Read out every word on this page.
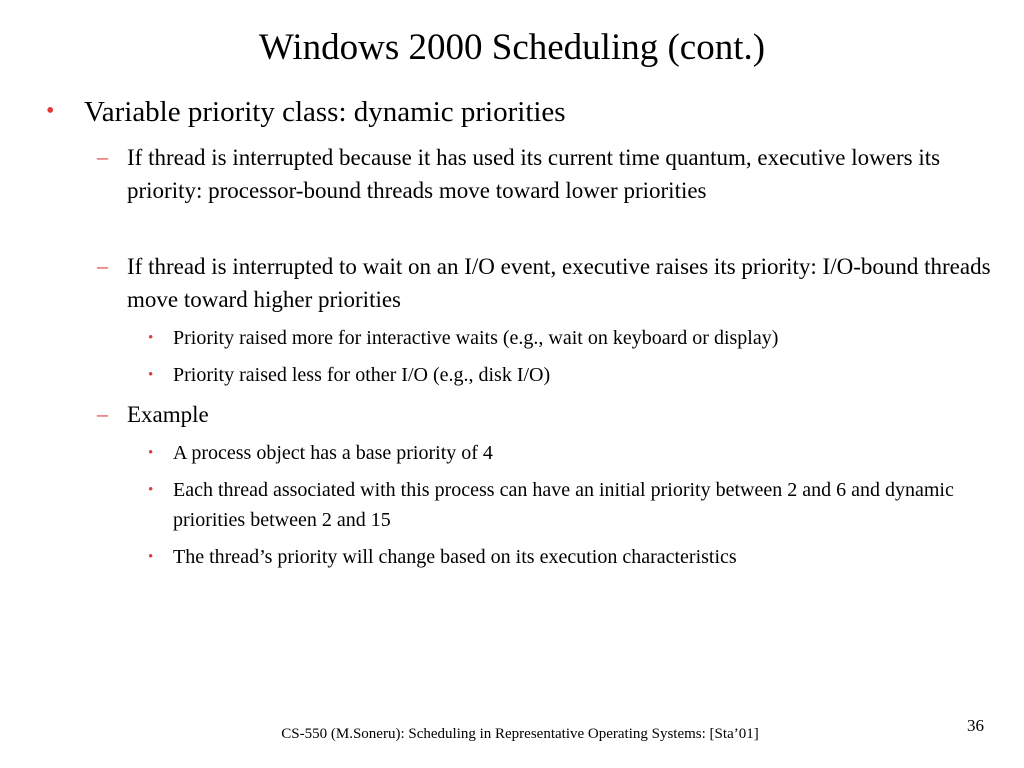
Windows 2000 Scheduling (cont.)
• Variable priority class: dynamic priorities
– If thread is interrupted because it has used its current time quantum, executive lowers its priority: processor-bound threads move toward lower priorities
– If thread is interrupted to wait on an I/O event, executive raises its priority: I/O-bound threads move toward higher priorities
• Priority raised more for interactive waits (e.g., wait on keyboard or display)
• Priority raised less for other I/O (e.g., disk I/O)
– Example
• A process object has a base priority of 4
• Each thread associated with this process can have an initial priority between 2 and 6 and dynamic priorities between 2 and 15
• The thread’s priority will change based on its execution characteristics
CS-550 (M.Soneru): Scheduling in Representative Operating Systems: [Sta’01]	36
